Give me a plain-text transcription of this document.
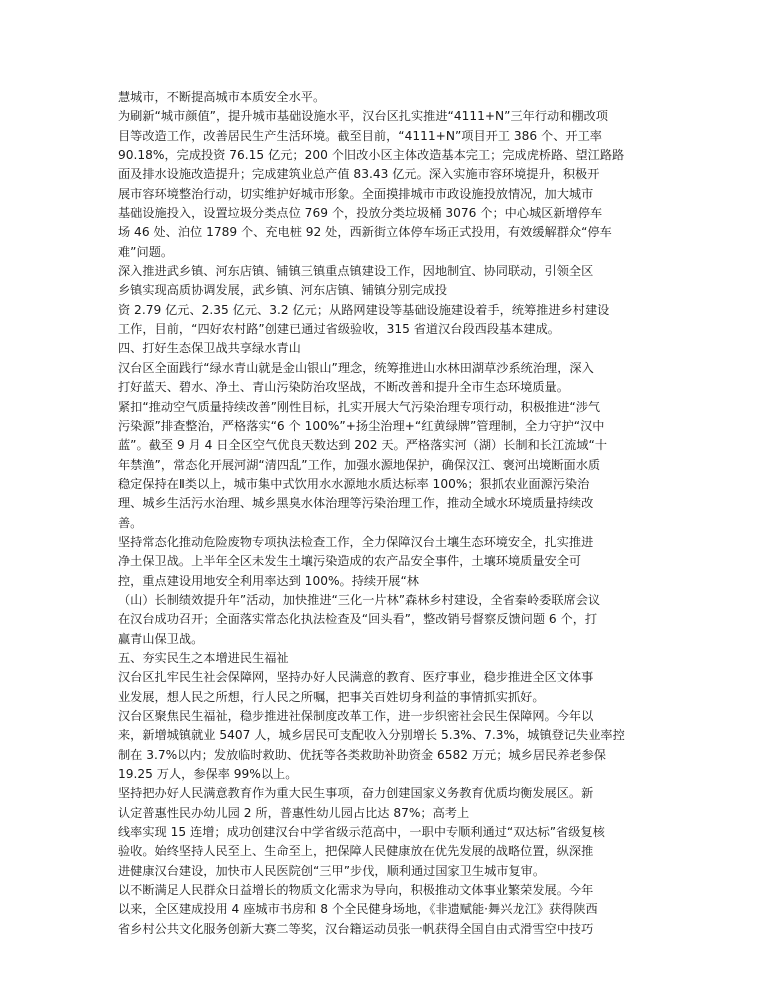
慧城市，不断提高城市本质安全水平。
为刷新“城市颜值”，提升城市基础设施水平，汉台区扎实推进“4111+N”三年行动和棚改项
目等改造工作，改善居民生产生活环境。截至目前，“4111+N”项目开工 386 个、开工率
90.18%，完成投资 76.15 亿元；200 个旧改小区主体改造基本完工；完成虎桥路、望江路路
面及排水设施改造提升；完成建筑业总产值 83.43 亿元。深入实施市容环境提升，积极开
展市容环境整治行动，切实维护好城市形象。全面摸排城市市政设施投放情况，加大城市
基础设施投入，设置垃圾分类点位 769 个，投放分类垃圾桶 3076 个；中心城区新增停车
场 46 处、泊位 1789 个、充电桩 92 处，西新街立体停车场正式投用，有效缓解群众“停车
难”问题。
深入推进武乡镇、河东店镇、铺镇三镇重点镇建设工作，因地制宜、协同联动，引领全区
乡镇实现高质协调发展，武乡镇、河东店镇、铺镇分别完成投
资 2.79 亿元、2.35 亿元、3.2 亿元；从路网建设等基础设施建设着手，统筹推进乡村建设
工作，目前，“四好农村路”创建已通过省级验收，315 省道汉台段西段基本建成。
四、打好生态保卫战共享绿水青山
汉台区全面践行“绿水青山就是金山银山”理念，统筹推进山水林田湖草沙系统治理，深入
打好蓝天、碧水、净土、青山污染防治攻坚战，不断改善和提升全市生态环境质量。
紧扣“推动空气质量持续改善”刚性目标，扎实开展大气污染治理专项行动，积极推进“涉气
污染源”排查整治，严格落实“6 个 100%”+扬尘治理+“红黄绿牌”管理制，全力守护“汉中
蓝”。截至 9 月 4 日全区空气优良天数达到 202 天。严格落实河（湖）长制和长江流域“十
年禁渔”，常态化开展河湖“清四乱”工作，加强水源地保护，确保汉江、褒河出境断面水质
稳定保持在Ⅱ类以上，城市集中式饮用水水源地水质达标率 100%；狠抓农业面源污染治
理、城乡生活污水治理、城乡黑臭水体治理等污染治理工作，推动全域水环境质量持续改
善。
坚持常态化推动危险废物专项执法检查工作，全力保障汉台土壤生态环境安全，扎实推进
净土保卫战。上半年全区未发生土壤污染造成的农产品安全事件，土壤环境质量安全可
控，重点建设用地安全利用率达到 100%。持续开展“林
（山）长制绩效提升年”活动，加快推进“三化一片林”森林乡村建设，全省秦岭委联席会议
在汉台成功召开；全面落实常态化执法检查及“回头看”，整改销号督察反馈问题 6 个，打
赢青山保卫战。
五、夯实民生之本增进民生福祉
汉台区扎牢民生社会保障网，坚持办好人民满意的教育、医疗事业，稳步推进全区文体事
业发展，想人民之所想，行人民之所嘱，把事关百姓切身利益的事情抓实抓好。
汉台区聚焦民生福祉，稳步推进社保制度改革工作，进一步织密社会民生保障网。今年以
来，新增城镇就业 5407 人，城乡居民可支配收入分别增长 5.3%、7.3%，城镇登记失业率控
制在 3.7%以内；发放临时救助、优抚等各类救助补助资金 6582 万元；城乡居民养老参保
19.25 万人，参保率 99%以上。
坚持把办好人民满意教育作为重大民生事项，奋力创建国家义务教育优质均衡发展区。新
认定普惠性民办幼儿园 2 所，普惠性幼儿园占比达 87%；高考上
线率实现 15 连增；成功创建汉台中学省级示范高中，一职中专顺利通过“双达标”省级复核
验收。始终坚持人民至上、生命至上，把保障人民健康放在优先发展的战略位置，纵深推
进健康汉台建设，加快市人民医院创“三甲”步伐，顺利通过国家卫生城市复审。
以不断满足人民群众日益增长的物质文化需求为导向，积极推动文体事业繁荣发展。今年
以来，全区建成投用 4 座城市书房和 8 个全民健身场地，《非遗赋能·舞兴龙江》获得陕西
省乡村公共文化服务创新大赛二等奖，汉台籍运动员张一帆获得全国自由式滑雪空中技巧
